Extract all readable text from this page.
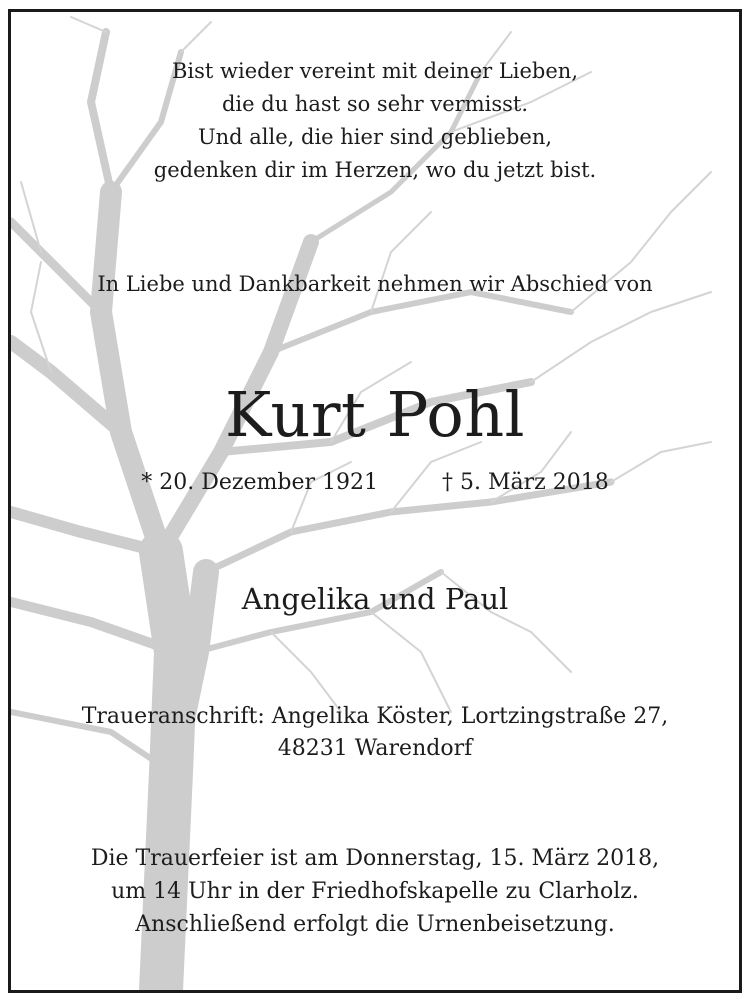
Bist wieder vereint mit deiner Lieben,
die du hast so sehr vermisst.
Und alle, die hier sind geblieben,
gedenken dir im Herzen, wo du jetzt bist.
In Liebe und Dankbarkeit nehmen wir Abschied von
Kurt Pohl
* 20. Dezember 1921	† 5. März 2018
Angelika und Paul
Traueranschrift: Angelika Köster, Lortzingstraße 27,
48231 Warendorf
Die Trauerfeier ist am Donnerstag, 15. März 2018,
um 14 Uhr in der Friedhofskapelle zu Clarholz.
Anschließend erfolgt die Urnenbeisetzung.
